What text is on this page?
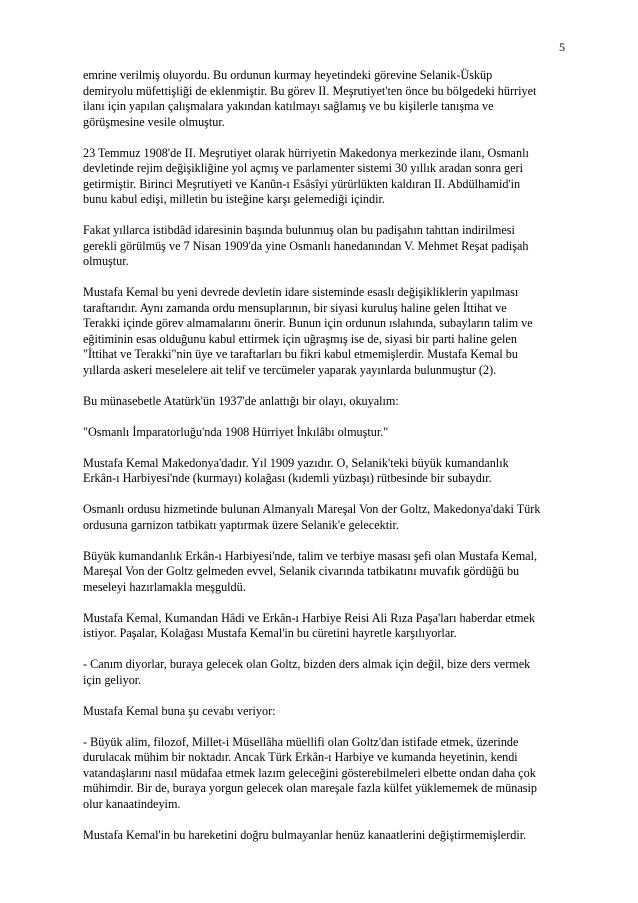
5

emrine verilmiş oluyordu. Bu ordunun kurmay heyetindeki görevine Selanik-Üsküp
demiryolu müfettişliği de eklenmiştir. Bu görev II. Meşrutiyet'ten önce bu bölgedeki hürriyet
ilanı için yapılan çalışmalara yakından katılmayı sağlamış ve bu kişilerle tanışma ve
görüşmesine vesile olmuştur.

23 Temmuz 1908'de II. Meşrutiyet olarak hürriyetin Makedonya merkezinde ilanı, Osmanlı
devletinde rejim değişikliğine yol açmış ve parlamenter sistemi 30 yıllık aradan sonra geri
getirmiştir. Birinci Meşrutiyeti ve Kanûn-ı Esâsîyi yürürlükten kaldıran II. Abdülhamid'in
bunu kabul edişi, milletin bu isteğine karşı gelemediği içindir.

Fakat yıllarca istibdâd idaresinin başında bulunmuş olan bu padişahın tahttan indirilmesi
gerekli görülmüş ve 7 Nisan 1909'da yine Osmanlı hanedanından V. Mehmet Reşat padişah
olmuştur.

Mustafa Kemal bu yeni devrede devletin idare sisteminde esaslı değişikliklerin yapılması
taraftarıdır. Aynı zamanda ordu mensuplarının, bir siyasi kuruluş haline gelen İttihat ve
Terakki içinde görev almamalarını önerir. Bunun için ordunun ıslahında, subayların talim ve
eğitiminin esas olduğunu kabul ettirmek için uğraşmış ise de, siyasi bir parti haline gelen
"İttihat ve Terakki"nin üye ve taraftarları bu fikri kabul etmemişlerdir. Mustafa Kemal bu
yıllarda askeri meselelere ait telif ve tercümeler yaparak yayınlarda bulunmuştur (2).

Bu münasebetle Atatürk'ün 1937'de anlattığı bir olayı, okuyalım:

"Osmanlı İmparatorluğu'nda 1908 Hürriyet İnkılâbı olmuştur."

Mustafa Kemal Makedonya'dadır. Yıl 1909 yazıdır. O, Selanik'teki büyük kumandanlık
Erkân-ı Harbiyesi'nde (kurmayı) kolağası (kıdemli yüzbaşı) rütbesinde bir subaydır.

Osmanlı ordusu hizmetinde bulunan Almanyalı Mareşal Von der Goltz, Makedonya'daki Türk
ordusuna garnizon tatbikatı yaptırmak üzere Selanik'e gelecektir.

Büyük kumandanlık Erkân-ı Harbiyesi'nde, talim ve terbiye masası şefi olan Mustafa Kemal,
Mareşal Von der Goltz gelmeden evvel, Selanik civarında tatbikatını muvafık gördüğü bu
meseleyi hazırlamakla meşguldü.

Mustafa Kemal, Kumandan Hâdi ve Erkân-ı Harbiye Reisi Ali Rıza Paşa'ları haberdar etmek
istiyor. Paşalar, Kolağası Mustafa Kemal'in bu cüretini hayretle karşılıyorlar.

- Canım diyorlar, buraya gelecek olan Goltz, bizden ders almak için değil, bize ders vermek
için geliyor.

Mustafa Kemal buna şu cevabı veriyor:

- Büyük alim, filozof, Millet-i Müsellâha müellifi olan Goltz'dan istifade etmek, üzerinde
durulacak mühim bir noktadır. Ancak Türk Erkân-ı Harbiye ve kumanda heyetinin, kendi
vatandaşlarını nasıl müdafaa etmek lazım geleceğini gösterebilmeleri elbette ondan daha çok
mühimdir. Bir de, buraya yorgun gelecek olan mareşale fazla külfet yüklememek de münasip
olur kanaatindeyim.

Mustafa Kemal'in bu hareketini doğru bulmayanlar henüz kanaatlerini değiştirmemişlerdir.
